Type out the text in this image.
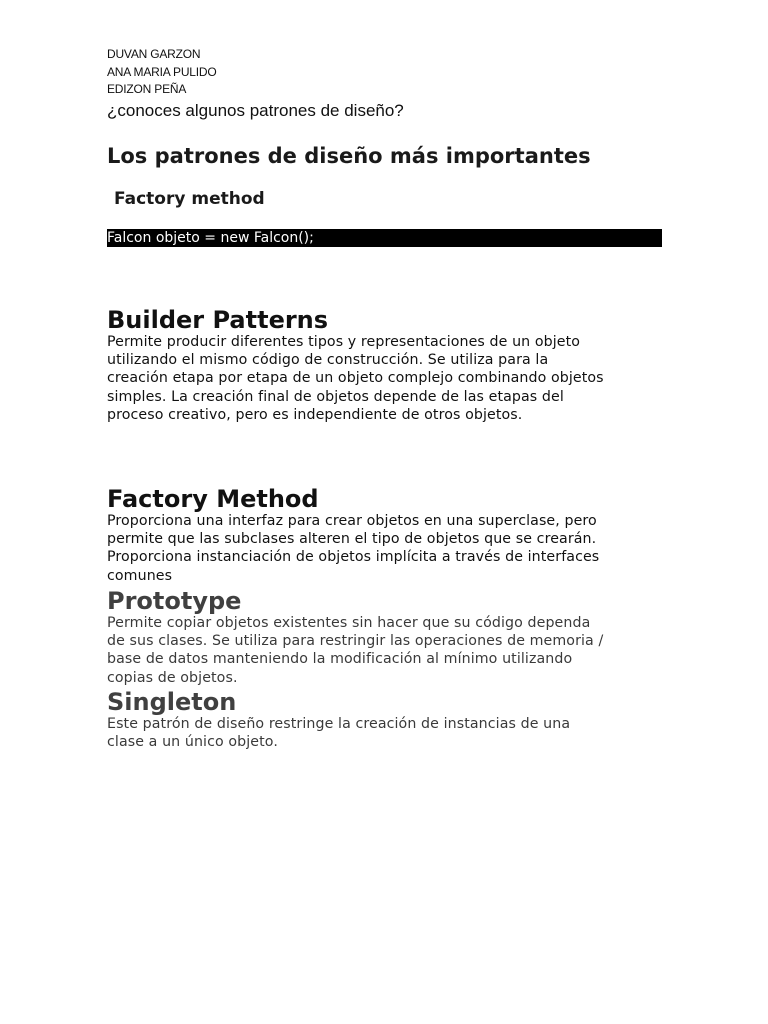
DUVAN GARZON
ANA MARIA PULIDO
EDIZON PEÑA
¿conoces algunos patrones de diseño?
Los patrones de diseño más importantes
Factory method
Falcon objeto = new Falcon();
Builder Patterns

Permite producir diferentes tipos y representaciones de un objeto
utilizando el mismo código de construcción. Se utiliza para la
creación etapa por etapa de un objeto complejo combinando objetos
simples. La creación final de objetos depende de las etapas del
proceso creativo, pero es independiente de otros objetos.

Factory Method

Proporciona una interfaz para crear objetos en una superclase, pero
permite que las subclases alteren el tipo de objetos que se crearán.
Proporciona instanciación de objetos implícita a través de interfaces
comunes

Prototype

Permite copiar objetos existentes sin hacer que su código dependa
de sus clases. Se utiliza para restringir las operaciones de memoria /
base de datos manteniendo la modificación al mínimo utilizando
copias de objetos.

Singleton

Este patrón de diseño restringe la creación de instancias de una
clase a un único objeto.
